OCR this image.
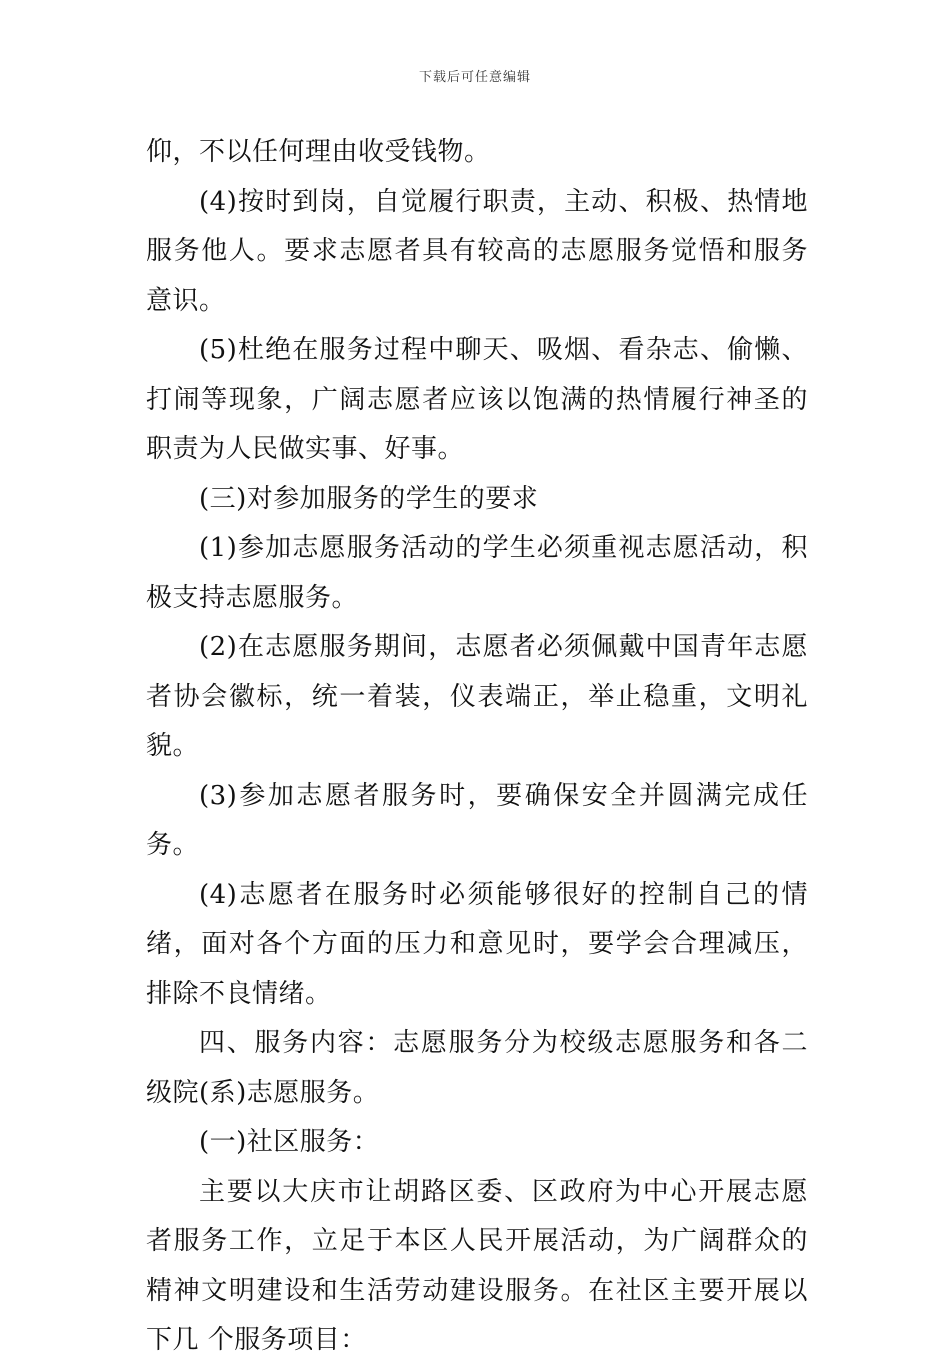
下载后可任意编辑

仰，不以任何理由收受钱物。

(4)按时到岗，自觉履行职责，主动、积极、热情地服务他人。要求志愿者具有较高的志愿服务觉悟和服务意识。

(5)杜绝在服务过程中聊天、吸烟、看杂志、偷懒、打闹等现象，广阔志愿者应该以饱满的热情履行神圣的职责为人民做实事、好事。

(三)对参加服务的学生的要求

(1)参加志愿服务活动的学生必须重视志愿活动，积极支持志愿服务。

(2)在志愿服务期间，志愿者必须佩戴中国青年志愿者协会徽标，统一着装，仪表端正，举止稳重，文明礼貌。

(3)参加志愿者服务时，要确保安全并圆满完成任务。

(4)志愿者在服务时必须能够很好的控制自己的情绪，面对各个方面的压力和意见时，要学会合理减压，排除不良情绪。

四、服务内容：志愿服务分为校级志愿服务和各二级院(系)志愿服务。

(一)社区服务：

主要以大庆市让胡路区委、区政府为中心开展志愿者服务工作，立足于本区人民开展活动，为广阔群众的精神文明建设和生活劳动建设服务。在社区主要开展以下几 个服务项目：
